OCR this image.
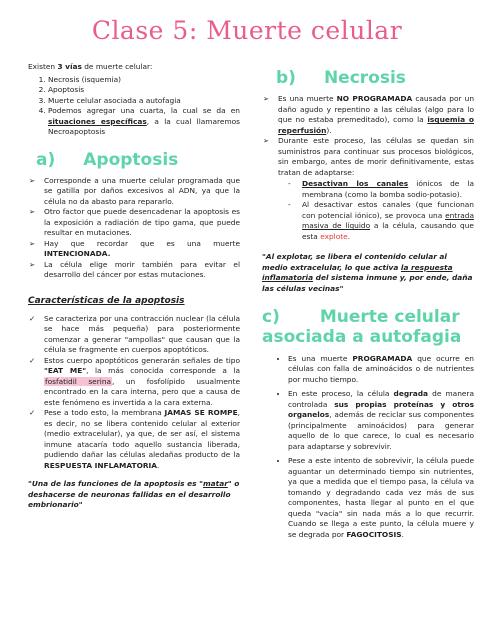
Clase 5: Muerte celular

Existen 3 vías de muerte celular:

1. Necrosis (isquemia)
2. Apoptosis
3. Muerte celular asociada a autofagia
4. Podemos agregar una cuarta, la cual se da en situaciones específicas, a la cual llamaremos Necroapoptosis
a) Apoptosis
➢ Corresponde a una muerte celular programada que se gatilla por daños excesivos al ADN, ya que la célula no da abasto para repararlo.
➢ Otro factor que puede desencadenar la apoptosis es la exposición a radiación de tipo gama, que puede resultar en mutaciones.
➢ Hay que recordar que es una muerte INTENCIONADA.
➢ La célula elige morir también para evitar el desarrollo del cáncer por estas mutaciones.
Características de la apoptosis
✓ Se caracteriza por una contracción nuclear (la célula se hace más pequeña) para posteriormente comenzar a generar "ampollas" que causan que la célula se fragmente en cuerpos apoptóticos.
✓ Estos cuerpo apoptóticos generarán señales de tipo "EAT ME", la más conocida corresponde a la fosfatidil serina, un fosfolípido usualmente encontrado en la cara interna, pero que a causa de este fenómeno es invertida a la cara externa.
✓ Pese a todo esto, la membrana JAMAS SE ROMPE, es decir, no se libera contenido celular al exterior (medio extracelular), ya que, de ser así, el sistema inmune atacaría todo aquello sustancia liberada, pudiendo dañar las células aledañas producto de la RESPUESTA INFLAMATORIA.

"Una de las funciones de la apoptosis es "matar" o deshacerse de neuronas fallidas en el desarrollo embrionario"

b) Necrosis
➢ Es una muerte NO PROGRAMADA causada por un daño agudo y repentino a las células (algo para lo que no estaba premeditado), como la isquemia o reperfusión).
➢ Durante este proceso, las células se quedan sin suministros para continuar sus procesos biológicos, sin embargo, antes de morir definitivamente, estas tratan de adaptarse:
- Desactivan los canales iónicos de la membrana (como la bomba sodio-potasio).
- Al desactivar estos canales (que funcionan con potencial iónico), se provoca una entrada masiva de líquido a la célula, causando que esta explote.

"Al explotar, se libera el contenido celular al medio extracelular, lo que activa la respuesta inflamatoria del sistema inmune y, por ende, daña las células vecinas"

c) Muerte celular asociada a autofagia
• Es una muerte PROGRAMADA que ocurre en células con falla de aminoácidos o de nutrientes por mucho tiempo.
• En este proceso, la célula degrada de manera controlada sus propias proteínas y otros organelos, además de reciclar sus componentes (principalmente aminoácidos) para generar aquello de lo que carece, lo cual es necesario para adaptarse y sobrevivir.
• Pese a este intento de sobrevivir, la célula puede aguantar un determinado tiempo sin nutrientes, ya que a medida que el tiempo pasa, la célula va tomando y degradando cada vez más de sus componentes, hasta llegar al punto en el que queda "vacía" sin nada más a lo que recurrir. Cuando se llega a este punto, la célula muere y se degrada por FAGOCITOSIS.
